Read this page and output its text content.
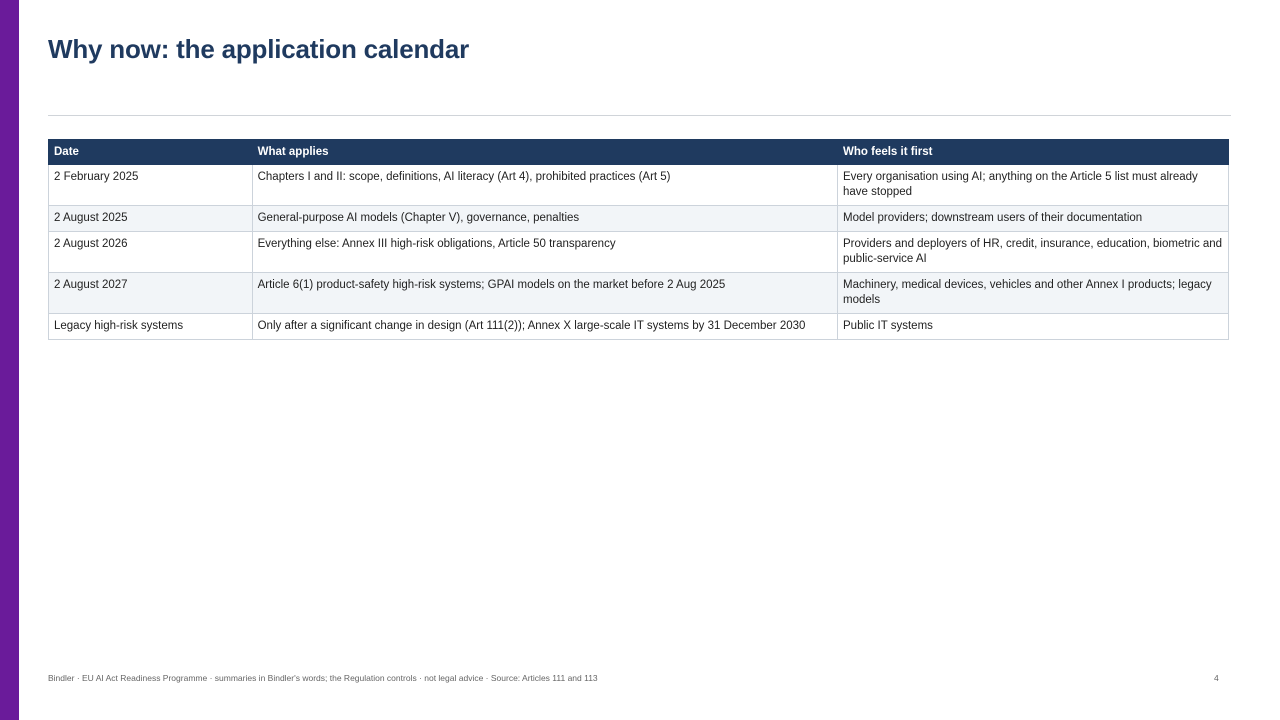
Why now: the application calendar
Date	What applies	Who feels it first
2 February 2025	Chapters I and II: scope, definitions, AI literacy (Art 4), prohibited practices (Art 5)	Every organisation using AI; anything on the Article 5 list must already have stopped
2 August 2025	General-purpose AI models (Chapter V), governance, penalties	Model providers; downstream users of their documentation
2 August 2026	Everything else: Annex III high-risk obligations, Article 50 transparency	Providers and deployers of HR, credit, insurance, education, biometric and public-service AI
2 August 2027	Article 6(1) product-safety high-risk systems; GPAI models on the market before 2 Aug 2025	Machinery, medical devices, vehicles and other Annex I products; legacy models
Legacy high-risk systems	Only after a significant change in design (Art 111(2)); Annex X large-scale IT systems by 31 December 2030	Public IT systems
Bindler · EU AI Act Readiness Programme · summaries in Bindler's words; the Regulation controls · not legal advice · Source: Articles 111 and 113	4
